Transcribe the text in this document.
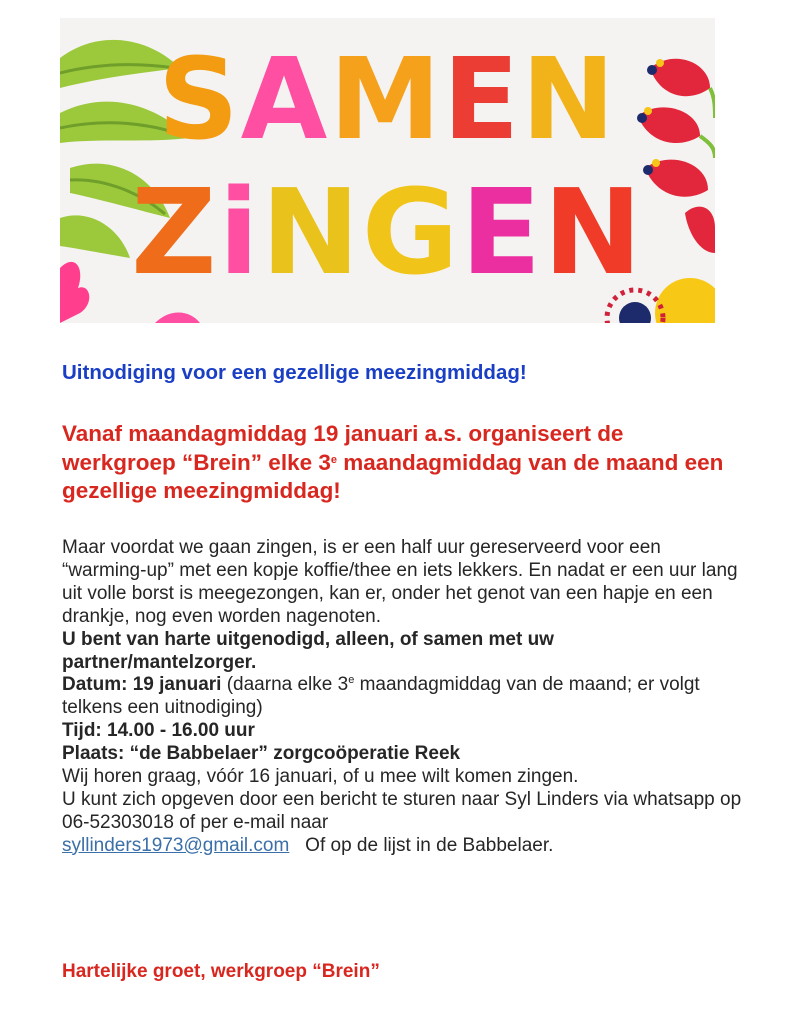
SAMEN
ZiNGEN
Uitnodiging voor een gezellige meezingmiddag!
Vanaf maandagmiddag 19 januari a.s. organiseert de werkgroep “Brein” elke 3e maandagmiddag van de maand een gezellige meezingmiddag!

Maar voordat we gaan zingen, is er een half uur gereserveerd voor een “warming-up” met een kopje koffie/thee en iets lekkers. En nadat er een uur lang uit volle borst is meegezongen, kan er, onder het genot van een hapje en een drankje, nog even worden nagenoten.

U bent van harte uitgenodigd, alleen, of samen met uw partner/mantelzorger.

Datum: 19 januari (daarna elke 3e maandagmiddag van de maand; er volgt telkens een uitnodiging)

Tijd: 14.00 - 16.00 uur

Plaats: “de Babbelaer” zorgcoöperatie Reek

Wij horen graag, vóór 16 januari, of u mee wilt komen zingen.

U kunt zich opgeven door een bericht te sturen naar Syl Linders via whatsapp op 06-52303018 of per e-mail naar
syllinders1973@gmail.com Of op de lijst in de Babbelaer.

Hartelijke groet, werkgroep “Brein”
